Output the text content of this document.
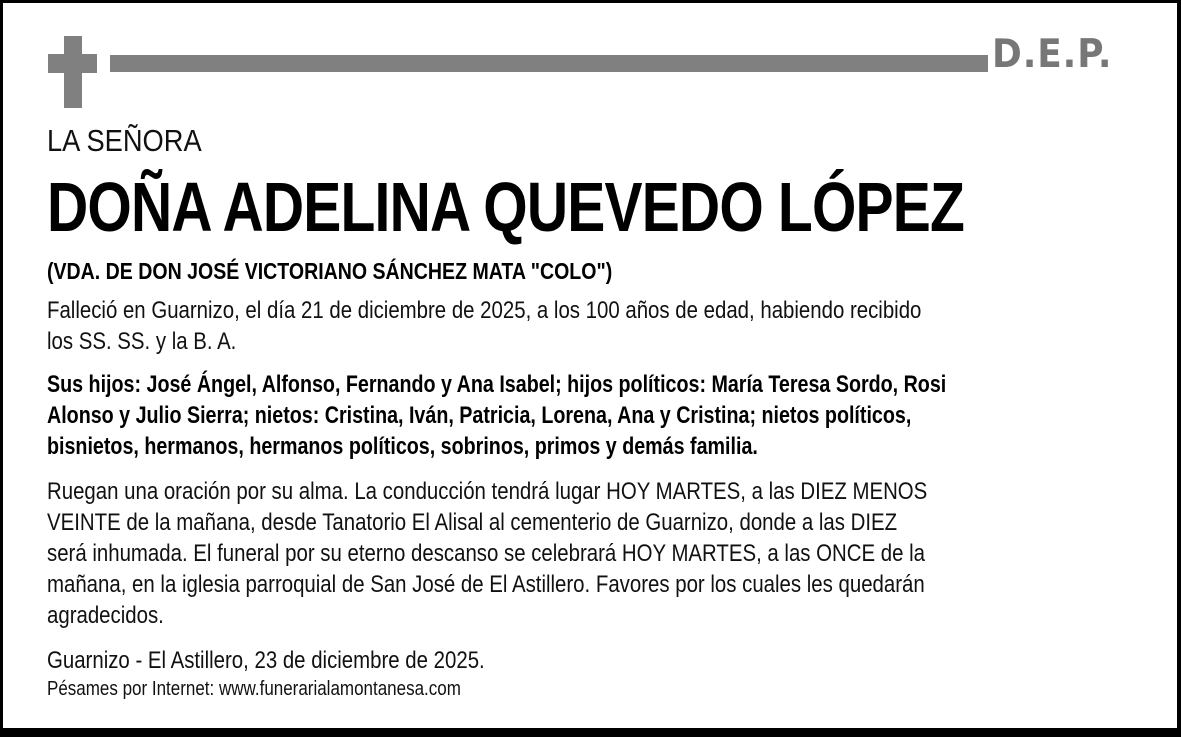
D.E.P.
LA SEÑORA
DOÑA ADELINA QUEVEDO LÓPEZ
(VDA. DE DON JOSÉ VICTORIANO SÁNCHEZ MATA "COLO")
Falleció en Guarnizo, el día 21 de diciembre de 2025, a los 100 años de edad, habiendo recibido
los SS. SS. y la B. A.
Sus hijos: José Ángel, Alfonso, Fernando y Ana Isabel; hijos políticos: María Teresa Sordo, Rosi
Alonso y Julio Sierra; nietos: Cristina, Iván, Patricia, Lorena, Ana y Cristina; nietos políticos,
bisnietos, hermanos, hermanos políticos, sobrinos, primos y demás familia.
Ruegan una oración por su alma. La conducción tendrá lugar HOY MARTES, a las DIEZ MENOS
VEINTE de la mañana, desde Tanatorio El Alisal al cementerio de Guarnizo, donde a las DIEZ
será inhumada. El funeral por su eterno descanso se celebrará HOY MARTES, a las ONCE de la
mañana, en la iglesia parroquial de San José de El Astillero. Favores por los cuales les quedarán
agradecidos.
Guarnizo - El Astillero, 23 de diciembre de 2025.
Pésames por Internet: www.funerarialamontanesa.com
